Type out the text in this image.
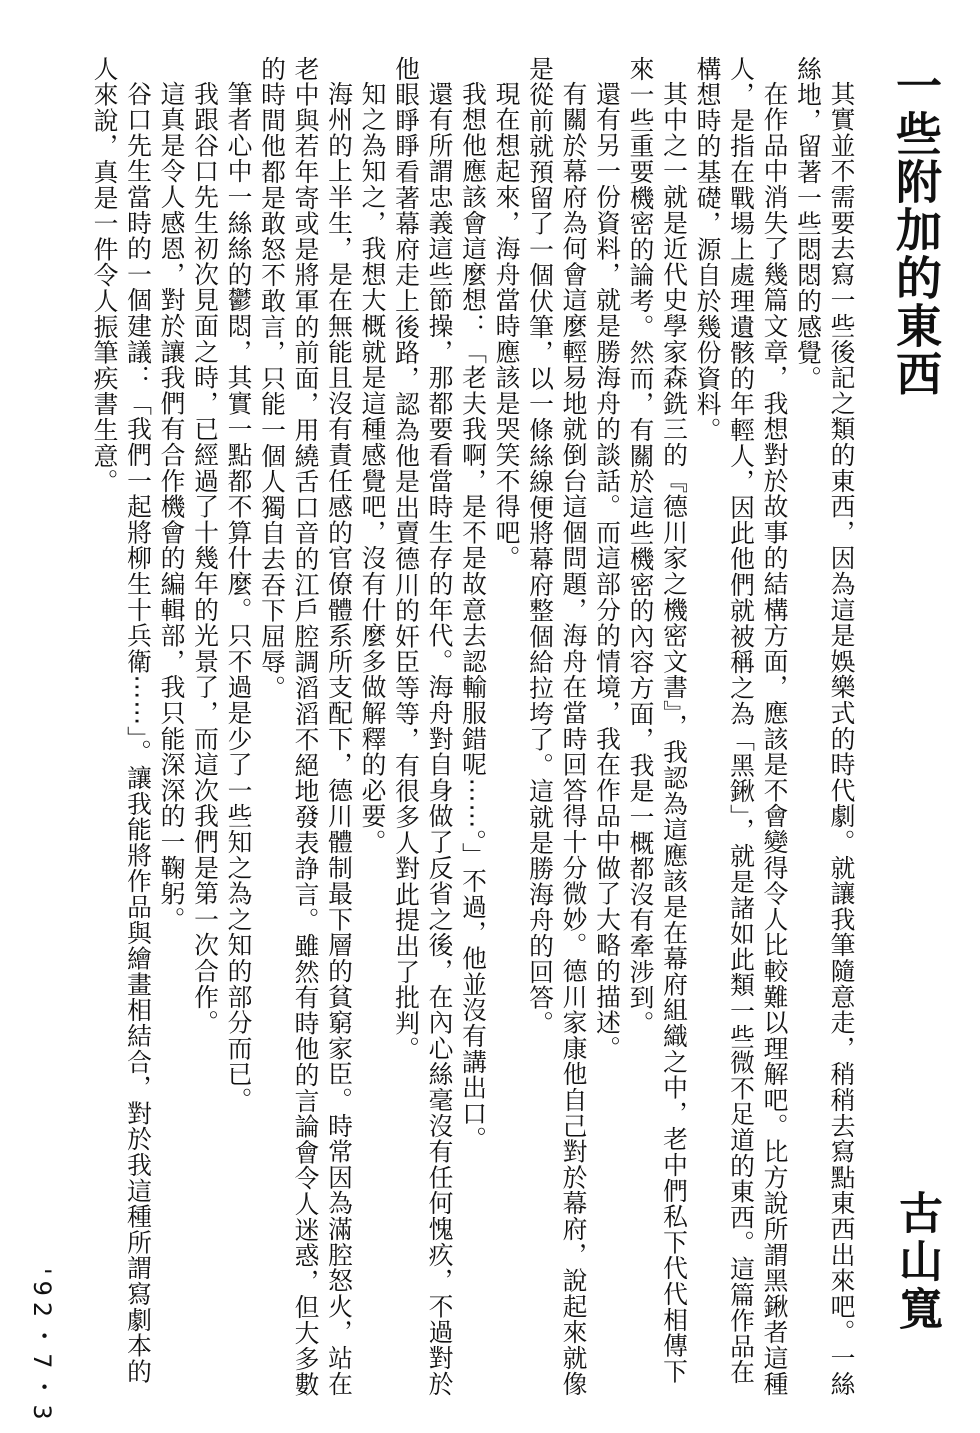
一些附加的東西
古山寬

其實並不需要去寫一些後記之類的東西，因為這是娛樂式的時代劇。就讓我筆隨意走，稍稍去寫點東西出來吧。一絲絲地，留著一些悶悶的感覺。

在作品中消失了幾篇文章，我想對於故事的結構方面，應該是不會變得令人比較難以理解吧。比方說所謂黑鍬者這種人，是指在戰場上處理遺骸的年輕人，因此他們就被稱之為「黑鍬」，就是諸如此類一些微不足道的東西。這篇作品在構想時的基礎，源自於幾份資料。

其中之一就是近代史學家森銑三的『德川家之機密文書』，我認為這應該是在幕府組織之中，老中們私下代代相傳下來一些重要機密的論考。然而，有關於這些機密的內容方面，我是一概都沒有牽涉到。

還有另一份資料，就是勝海舟的談話。而這部分的情境，我在作品中做了大略的描述。

有關於幕府為何會這麼輕易地就倒台這個問題，海舟在當時回答得十分微妙。德川家康他自己對於幕府，說起來就像是從前就預留了一個伏筆，以一條絲線便將幕府整個給拉垮了。這就是勝海舟的回答。

現在想起來，海舟當時應該是哭笑不得吧。

我想他應該會這麼想：「老夫我啊，是不是故意去認輸服錯呢⋯⋯。」不過，他並沒有講出口。

還有所謂忠義這些節操，那都要看當時生存的年代。海舟對自身做了反省之後，在內心絲毫沒有任何愧疚，不過對於他眼睜睜看著幕府走上後路，認為他是出賣德川的奸臣等等，有很多人對此提出了批判。

知之為知之，我想大概就是這種感覺吧，沒有什麼多做解釋的必要。

海州的上半生，是在無能且沒有責任感的官僚體系所支配下，德川體制最下層的貧窮家臣。時常因為滿腔怒火，站在老中與若年寄或是將軍的前面，用繞舌口音的江戶腔調滔滔不絕地發表諍言。雖然有時他的言論會令人迷惑，但大多數的時間他都是敢怒不敢言，只能一個人獨自去吞下屈辱。

筆者心中一絲絲的鬱悶，其實一點都不算什麼。只不過是少了一些知之為之知的部分而已。

我跟谷口先生初次見面之時，已經過了十幾年的光景了，而這次我們是第一次合作。

這真是令人感恩，對於讓我們有合作機會的編輯部，我只能深深的一鞠躬。

谷口先生當時的一個建議：「我們一起將柳生十兵衛⋯⋯」。讓我能將作品與繪畫相結合，對於我這種所謂寫劇本的人來說，真是一件令人振筆疾書生意。

'92・7・3
